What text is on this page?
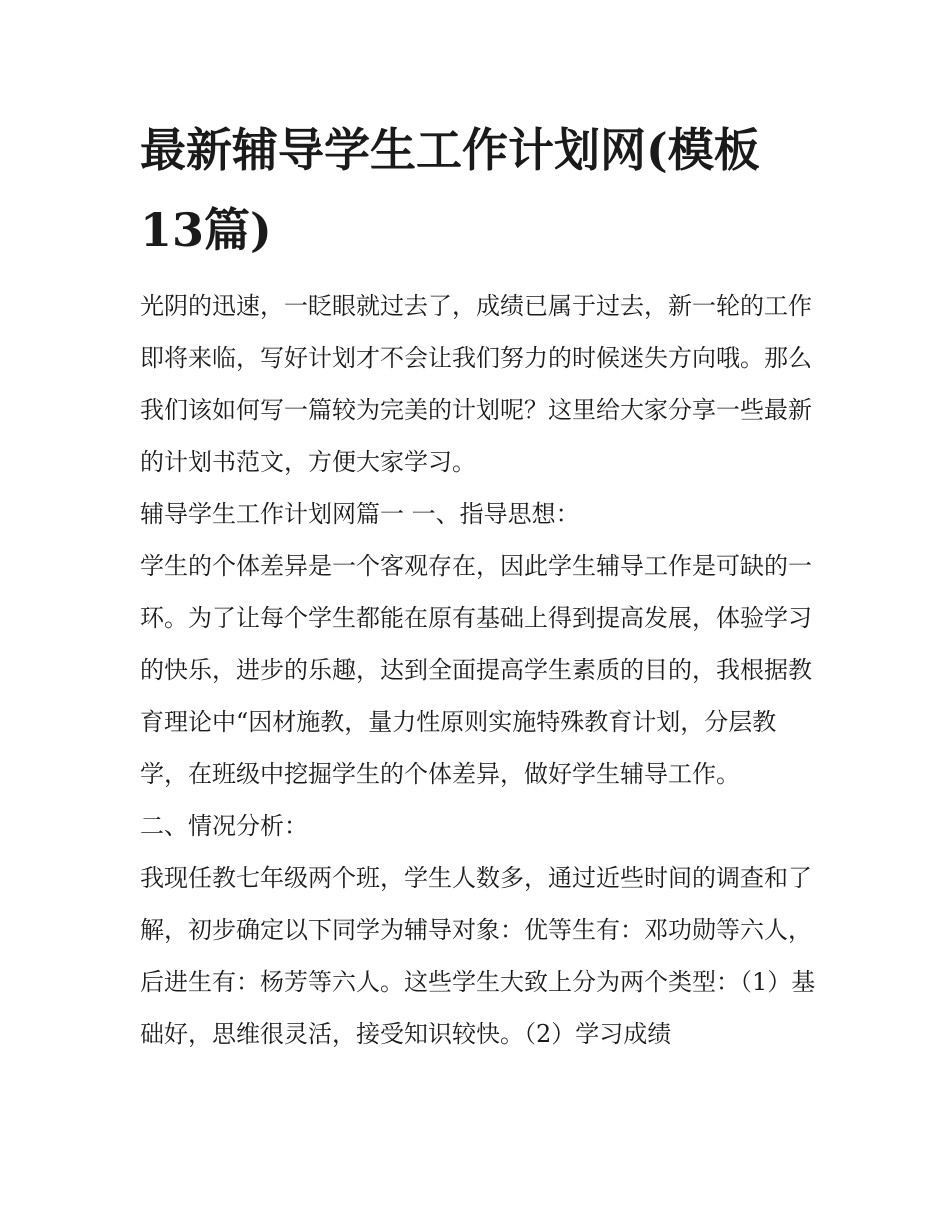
最新辅导学生工作计划网(模板13篇)

光阴的迅速，一眨眼就过去了，成绩已属于过去，新一轮的工作即将来临，写好计划才不会让我们努力的时候迷失方向哦。那么我们该如何写一篇较为完美的计划呢？这里给大家分享一些最新的计划书范文，方便大家学习。

辅导学生工作计划网篇一 一、指导思想：

学生的个体差异是一个客观存在，因此学生辅导工作是可缺的一环。为了让每个学生都能在原有基础上得到提高发展，体验学习的快乐，进步的乐趣，达到全面提高学生素质的目的，我根据教育理论中“因材施教，量力性原则实施特殊教育计划，分层教学，在班级中挖掘学生的个体差异，做好学生辅导工作。

二、情况分析：

我现任教七年级两个班，学生人数多，通过近些时间的调查和了解，初步确定以下同学为辅导对象：优等生有：邓功勋等六人，后进生有：杨芳等六人。这些学生大致上分为两个类型：（1）基础好，思维很灵活，接受知识较快。（2）学习成绩
